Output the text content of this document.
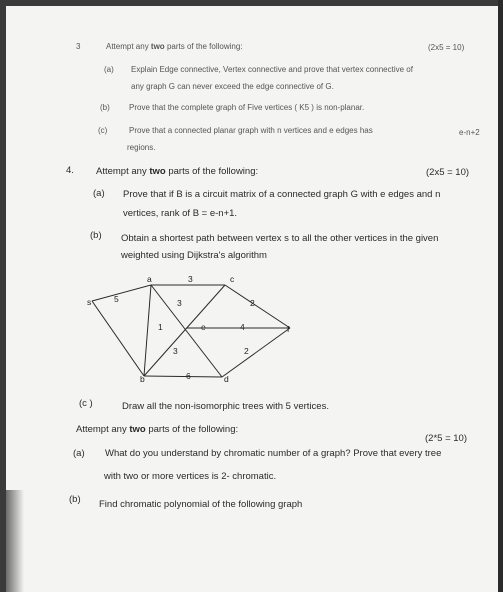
3	Attempt any two parts of the following:	(2x5 = 10)
(a) Explain Edge connective, Vertex connective and prove that vertex connective of
any graph G can never exceed the edge connective of G.
(b) Prove that the complete graph of Five vertices ( K5 ) is non-planar.
(c)	Prove that a connected planar graph with n vertices and e edges has	e-n+2
regions.
4. Attempt any two parts of the following:	(2x5 = 10)
(a) Prove that if B is a circuit matrix of a connected graph G with e edges and n
vertices, rank of B = e-n+1.
(b) Obtain a shortest path between vertex s to all the other vertices in the given
weighted using Dijkstra's algorithm
s
a	c
e
b	d
f
5
3
3
1
2
4
2
3
6
(c )	Draw all the non-isomorphic trees with 5 vertices.
Attempt any two parts of the following:
(2*5 = 10)
(a) What do you understand by chromatic number of a graph? Prove that every tree
with two or more vertices is 2- chromatic.
(b) Find chromatic polynomial of the following graph
